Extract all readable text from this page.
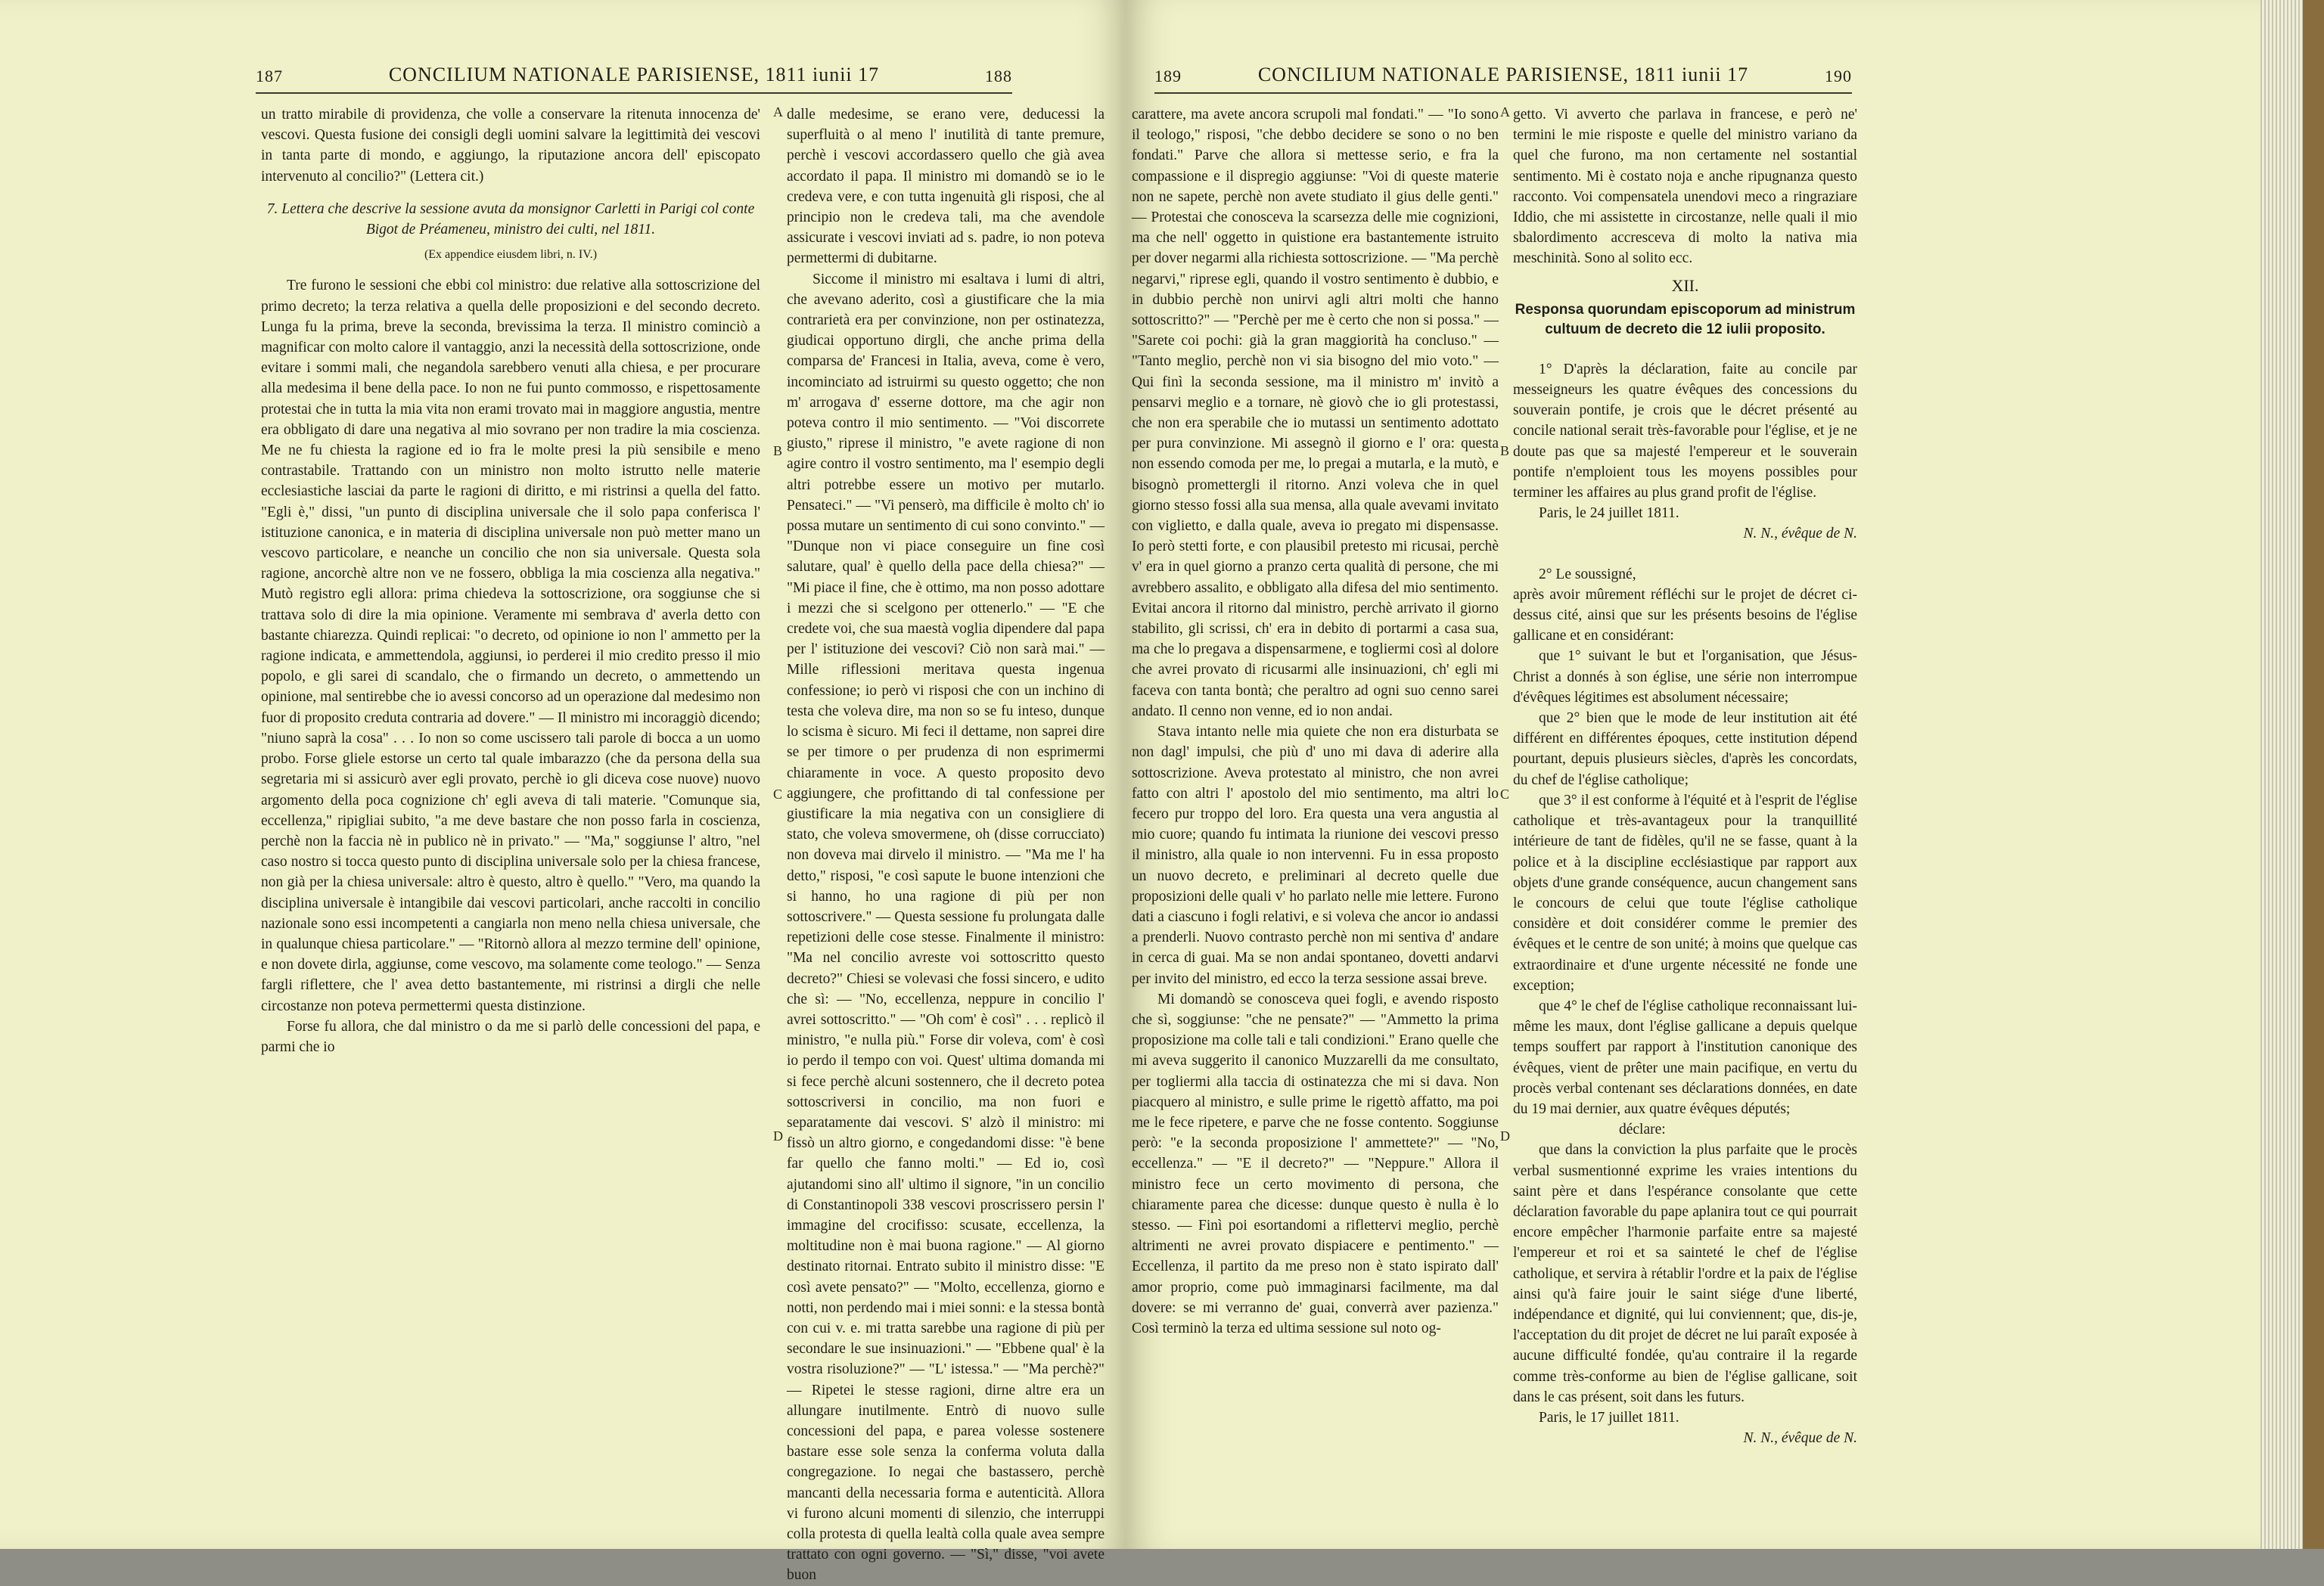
187	CONCILIUM NATIONALE PARISIENSE, 1811 iunii 17	188

un tratto mirabile di providenza, che volle a conservare la ritenuta innocenza de' vescovi. Questa fusione dei consigli degli uomini salvare la legittimità dei vescovi in tanta parte di mondo, e aggiungo, la riputazione ancora dell' episcopato intervenuto al concilio?" (Lettera cit.)

7. Lettera che descrive la sessione avuta da monsignor Carletti in Parigi col conte Bigot de Préameneu, ministro dei culti, nel 1811.

(Ex appendice eiusdem libri, n. IV.)

Tre furono le sessioni che ebbi col ministro: due relative alla sottoscrizione del primo decreto; la terza relativa a quella delle proposizioni e del secondo decreto. Lunga fu la prima, breve la seconda, brevissima la terza. Il ministro cominciò a magnificar con molto calore il vantaggio, anzi la necessità della sottoscrizione, onde evitare i sommi mali, che negandola sarebbero venuti alla chiesa, e per procurare alla medesima il bene della pace. Io non ne fui punto commosso, e rispettosamente protestai che in tutta la mia vita non erami trovato mai in maggiore angustia, mentre era obbligato di dare una negativa al mio sovrano per non tradire la mia coscienza. Me ne fu chiesta la ragione ed io fra le molte presi la più sensibile e meno contrastabile. Trattando con un ministro non molto istrutto nelle materie ecclesiastiche lasciai da parte le ragioni di diritto, e mi ristrinsi a quella del fatto. "Egli è," dissi, "un punto di disciplina universale che il solo papa conferisca l' istituzione canonica, e in materia di disciplina universale non può metter mano un vescovo particolare, e neanche un concilio che non sia universale. Questa sola ragione, ancorchè altre non ve ne fossero, obbliga la mia coscienza alla negativa." Mutò registro egli allora: prima chiedeva la sottoscrizione, ora soggiunse che si trattava solo di dire la mia opinione. Veramente mi sembrava d' averla detto con bastante chiarezza. Quindi replicai: "o decreto, od opinione io non l' ammetto per la ragione indicata, e ammettendola, aggiunsi, io perderei il mio credito presso il mio popolo, e gli sarei di scandalo, che o firmando un decreto, o ammettendo un opinione, mal sentirebbe che io avessi concorso ad un operazione dal medesimo non fuor di proposito creduta contraria ad dovere." — Il ministro mi incoraggiò dicendo; "niuno saprà la cosa" . . . Io non so come uscissero tali parole di bocca a un uomo probo. Forse gliele estorse un certo tal quale imbarazzo (che da persona della sua segretaria mi si assicurò aver egli provato, perchè io gli diceva cose nuove) nuovo argomento della poca cognizione ch' egli aveva di tali materie. "Comunque sia, eccellenza," ripigliai subito, "a me deve bastare che non posso farla in coscienza, perchè non la faccia nè in publico nè in privato." — "Ma," soggiunse l' altro, "nel caso nostro si tocca questo punto di disciplina universale solo per la chiesa francese, non già per la chiesa universale: altro è questo, altro è quello." "Vero, ma quando la disciplina universale è intangibile dai vescovi particolari, anche raccolti in concilio nazionale sono essi incompetenti a cangiarla non meno nella chiesa universale, che in qualunque chiesa particolare." — "Ritornò allora al mezzo termine dell' opinione, e non dovete dirla, aggiunse, come vescovo, ma solamente come teologo." — Senza fargli riflettere, che l' avea detto bastantemente, mi ristrinsi a dirgli che nelle circostanze non poteva permettermi questa distinzione.

Forse fu allora, che dal ministro o da me si parlò delle concessioni del papa, e parmi che io

A
B
C
D

dalle medesime, se erano vere, deducessi la superfluità o al meno l' inutilità di tante premure, perchè i vescovi accordassero quello che già avea accordato il papa. Il ministro mi domandò se io le credeva vere, e con tutta ingenuità gli risposi, che al principio non le credeva tali, ma che avendole assicurate i vescovi inviati ad s. padre, io non poteva permettermi di dubitarne.

Siccome il ministro mi esaltava i lumi di altri, che avevano aderito, così a giustificare che la mia contrarietà era per convinzione, non per ostinatezza, giudicai opportuno dirgli, che anche prima della comparsa de' Francesi in Italia, aveva, come è vero, incominciato ad istruirmi su questo oggetto; che non m' arrogava d' esserne dottore, ma che agir non poteva contro il mio sentimento. — "Voi discorrete giusto," riprese il ministro, "e avete ragione di non agire contro il vostro sentimento, ma l' esempio degli altri potrebbe essere un motivo per mutarlo. Pensateci." — "Vi penserò, ma difficile è molto ch' io possa mutare un sentimento di cui sono convinto." — "Dunque non vi piace conseguire un fine così salutare, qual' è quello della pace della chiesa?" — "Mi piace il fine, che è ottimo, ma non posso adottare i mezzi che si scelgono per ottenerlo." — "E che credete voi, che sua maestà voglia dipendere dal papa per l' istituzione dei vescovi? Ciò non sarà mai." — Mille riflessioni meritava questa ingenua confessione; io però vi risposi che con un inchino di testa che voleva dire, ma non so se fu inteso, dunque lo scisma è sicuro. Mi feci il dettame, non saprei dire se per timore o per prudenza di non esprimermi chiaramente in voce. A questo proposito devo aggiungere, che profittando di tal confessione per giustificare la mia negativa con un consigliere di stato, che voleva smovermene, oh (disse corrucciato) non doveva mai dirvelo il ministro. — "Ma me l' ha detto," risposi, "e così sapute le buone intenzioni che si hanno, ho una ragione di più per non sottoscrivere." — Questa sessione fu prolungata dalle repetizioni delle cose stesse. Finalmente il ministro: "Ma nel concilio avreste voi sottoscritto questo decreto?" Chiesi se volevasi che fossi sincero, e udito che sì: — "No, eccellenza, neppure in concilio l' avrei sottoscritto." — "Oh com' è così" . . . replicò il ministro, "e nulla più." Forse dir voleva, com' è così io perdo il tempo con voi. Quest' ultima domanda mi si fece perchè alcuni sostennero, che il decreto potea sottoscriversi in concilio, ma non fuori e separatamente dai vescovi. S' alzò il ministro: mi fissò un altro giorno, e congedandomi disse: "è bene far quello che fanno molti." — Ed io, così ajutandomi sino all' ultimo il signore, "in un concilio di Constantinopoli 338 vescovi proscrissero persin l' immagine del crocifisso: scusate, eccellenza, la moltitudine non è mai buona ragione." — Al giorno destinato ritornai. Entrato subito il ministro disse: "E così avete pensato?" — "Molto, eccellenza, giorno e notti, non perdendo mai i miei sonni: e la stessa bontà con cui v. e. mi tratta sarebbe una ragione di più per secondare le sue insinuazioni." — "Ebbene qual' è la vostra risoluzione?" — "L' istessa." — "Ma perchè?" — Ripetei le stesse ragioni, dirne altre era un allungare inutilmente. Entrò di nuovo sulle concessioni del papa, e parea volesse sostenere bastare esse sole senza la conferma voluta dalla congregazione. Io negai che bastassero, perchè mancanti della necessaria forma e autenticità. Allora vi furono alcuni momenti di silenzio, che interruppi colla protesta di quella lealtà colla quale avea sempre trattato con ogni governo. — "Sì," disse, "voi avete buon

189	CONCILIUM NATIONALE PARISIENSE, 1811 iunii 17	190

carattere, ma avete ancora scrupoli mal fondati." — "Io sono il teologo," risposi, "che debbo decidere se sono o no ben fondati." Parve che allora si mettesse serio, e fra la compassione e il dispregio aggiunse: "Voi di queste materie non ne sapete, perchè non avete studiato il gius delle genti." — Protestai che conosceva la scarsezza delle mie cognizioni, ma che nell' oggetto in quistione era bastantemente istruito per dover negarmi alla richiesta sottoscrizione. — "Ma perchè negarvi," riprese egli, quando il vostro sentimento è dubbio, e in dubbio perchè non unirvi agli altri molti che hanno sottoscritto?" — "Perchè per me è certo che non si possa." — "Sarete coi pochi: già la gran maggiorità ha concluso." — "Tanto meglio, perchè non vi sia bisogno del mio voto." — Qui finì la seconda sessione, ma il ministro m' invitò a pensarvi meglio e a tornare, nè giovò che io gli protestassi, che non era sperabile che io mutassi un sentimento adottato per pura convinzione. Mi assegnò il giorno e l' ora: questa non essendo comoda per me, lo pregai a mutarla, e la mutò, e bisognò promettergli il ritorno. Anzi voleva che in quel giorno stesso fossi alla sua mensa, alla quale avevami invitato con viglietto, e dalla quale, aveva io pregato mi dispensasse. Io però stetti forte, e con plausibil pretesto mi ricusai, perchè v' era in quel giorno a pranzo certa qualità di persone, che mi avrebbero assalito, e obbligato alla difesa del mio sentimento. Evitai ancora il ritorno dal ministro, perchè arrivato il giorno stabilito, gli scrissi, ch' era in debito di portarmi a casa sua, ma che lo pregava a dispensarmene, e togliermi così al dolore che avrei provato di ricusarmi alle insinuazioni, ch' egli mi faceva con tanta bontà; che peraltro ad ogni suo cenno sarei andato. Il cenno non venne, ed io non andai.

Stava intanto nelle mia quiete che non era disturbata se non dagl' impulsi, che più d' uno mi dava di aderire alla sottoscrizione. Aveva protestato al ministro, che non avrei fatto con altri l' apostolo del mio sentimento, ma altri lo fecero pur troppo del loro. Era questa una vera angustia al mio cuore; quando fu intimata la riunione dei vescovi presso il ministro, alla quale io non intervenni. Fu in essa proposto un nuovo decreto, e preliminari al decreto quelle due proposizioni delle quali v' ho parlato nelle mie lettere. Furono dati a ciascuno i fogli relativi, e si voleva che ancor io andassi a prenderli. Nuovo contrasto perchè non mi sentiva d' andare in cerca di guai. Ma se non andai spontaneo, dovetti andarvi per invito del ministro, ed ecco la terza sessione assai breve.

Mi domandò se conosceva quei fogli, e avendo risposto che sì, soggiunse: "che ne pensate?" — "Ammetto la prima proposizione ma colle tali e tali condizioni." Erano quelle che mi aveva suggerito il canonico Muzzarelli da me consultato, per togliermi alla taccia di ostinatezza che mi si dava. Non piacquero al ministro, e sulle prime le rigettò affatto, ma poi me le fece ripetere, e parve che ne fosse contento. Soggiunse però: "e la seconda proposizione l' ammettete?" — "No, eccellenza." — "E il decreto?" — "Neppure." Allora il ministro fece un certo movimento di persona, che chiaramente parea che dicesse: dunque questo è nulla è lo stesso. — Finì poi esortandomi a riflettervi meglio, perchè altrimenti ne avrei provato dispiacere e pentimento." — Eccellenza, il partito da me preso non è stato ispirato dall' amor proprio, come può immaginarsi facilmente, ma dal dovere: se mi verranno de' guai, converrà aver pazienza." Così terminò la terza ed ultima sessione sul noto og-

A
B
C
D

getto. Vi avverto che parlava in francese, e però ne' termini le mie risposte e quelle del ministro variano da quel che furono, ma non certamente nel sostantial sentimento. Mi è costato noja e anche ripugnanza questo racconto. Voi compensatela unendovi meco a ringraziare Iddio, che mi assistette in circostanze, nelle quali il mio sbalordimento accresceva di molto la nativa mia meschinità. Sono al solito ecc.

XII.

Responsa quorundam episcoporum ad ministrum cultuum de decreto die 12 iulii proposito.

1° D'après la déclaration, faite au concile par messeigneurs les quatre évêques des concessions du souverain pontife, je crois que le décret présenté au concile national serait très-favorable pour l'église, et je ne doute pas que sa majesté l'empereur et le souverain pontife n'emploient tous les moyens possibles pour terminer les affaires au plus grand profit de l'église.

Paris, le 24 juillet 1811.

N. N., évêque de N.

2° Le soussigné,

après avoir mûrement réfléchi sur le projet de décret ci-dessus cité, ainsi que sur les présents besoins de l'église gallicane et en considérant:

que 1° suivant le but et l'organisation, que Jésus-Christ a donnés à son église, une série non interrompue d'évêques légitimes est absolument nécessaire;

que 2° bien que le mode de leur institution ait été différent en différentes époques, cette institution dépend pourtant, depuis plusieurs siècles, d'après les concordats, du chef de l'église catholique;

que 3° il est conforme à l'équité et à l'esprit de l'église catholique et très-avantageux pour la tranquillité intérieure de tant de fidèles, qu'il ne se fasse, quant à la police et à la discipline ecclésiastique par rapport aux objets d'une grande conséquence, aucun changement sans le concours de celui que toute l'église catholique considère et doit considérer comme le premier des évêques et le centre de son unité; à moins que quelque cas extraordinaire et d'une urgente nécessité ne fonde une exception;

que 4° le chef de l'église catholique reconnaissant lui-même les maux, dont l'église gallicane a depuis quelque temps souffert par rapport à l'institution canonique des évêques, vient de prêter une main pacifique, en vertu du procès verbal contenant ses déclarations données, en date du 19 mai dernier, aux quatre évêques députés;

déclare:

que dans la conviction la plus parfaite que le procès verbal susmentionné exprime les vraies intentions du saint père et dans l'espérance consolante que cette déclaration favorable du pape aplanira tout ce qui pourrait encore empêcher l'harmonie parfaite entre sa majesté l'empereur et roi et sa sainteté le chef de l'église catholique, et servira à rétablir l'ordre et la paix de l'église ainsi qu'à faire jouir le saint siége d'une liberté, indépendance et dignité, qui lui conviennent; que, dis-je, l'acceptation du dit projet de décret ne lui paraît exposée à aucune difficulté fondée, qu'au contraire il la regarde comme très-conforme au bien de l'église gallicane, soit dans le cas présent, soit dans les futurs.

Paris, le 17 juillet 1811.

N. N., évêque de N.
